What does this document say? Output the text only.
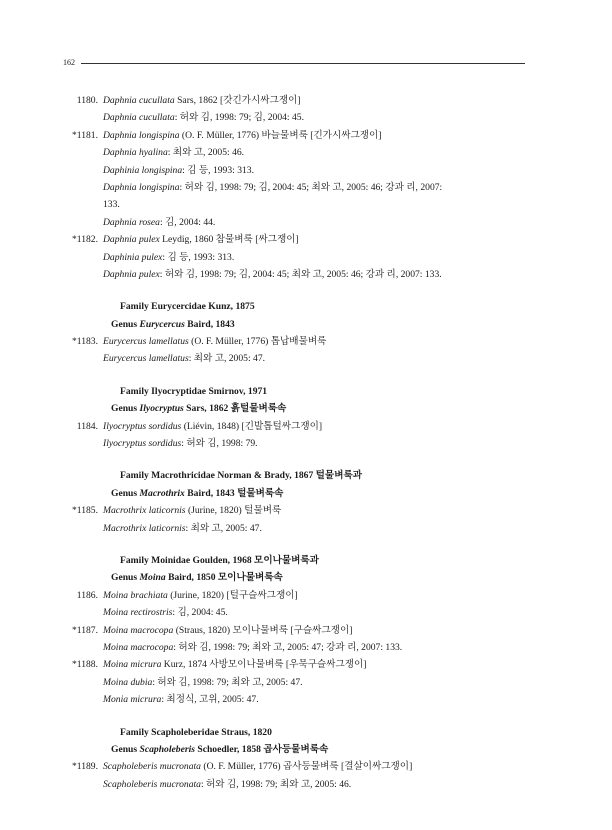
162
1180. Daphnia cucullata Sars, 1862 [갓긴가시싸그쟁이]
Daphnia cucullata: 허와 김, 1998: 79; 김, 2004: 45.
*1181. Daphnia longispina (O. F. Müller, 1776) 바늘물벼룩 [긴가시싸그쟁이]
Daphnia hyalina: 최와 고, 2005: 46.
Daphinia longispina: 김 등, 1993: 313.
Daphnia longispina: 허와 김, 1998: 79; 김, 2004: 45; 최와 고, 2005: 46; 강과 리, 2007:
133.
Daphnia rosea: 김, 2004: 44.
*1182. Daphnia pulex Leydig, 1860 참물벼룩 [싸그쟁이]
Daphinia pulex: 김 등, 1993: 313.
Daphnia pulex: 허와 김, 1998: 79; 김, 2004: 45; 최와 고, 2005: 46; 강과 리, 2007: 133.
Family Eurycercidae Kunz, 1875
Genus Eurycercus Baird, 1843
*1183. Eurycercus lamellatus (O. F. Müller, 1776) 톱납배물벼룩
Eurycercus lamellatus: 최와 고, 2005: 47.
Family Ilyocryptidae Smirnov, 1971
Genus Ilyocryptus Sars, 1862 흙털물벼룩속
1184. Ilyocryptus sordidus (Liévin, 1848) [긴발톱털싸그쟁이]
Ilyocryptus sordidus: 허와 김, 1998: 79.
Family Macrothricidae Norman & Brady, 1867 털물벼룩과
Genus Macrothrix Baird, 1843 털물벼룩속
*1185. Macrothrix laticornis (Jurine, 1820) 털물벼룩
Macrothrix laticornis: 최와 고, 2005: 47.
Family Moinidae Goulden, 1968 모이나물벼룩과
Genus Moina Baird, 1850 모이나물벼룩속
1186. Moina brachiata (Jurine, 1820) [털구슬싸그쟁이]
Moina rectirostris: 김, 2004: 45.
*1187. Moina macrocopa (Straus, 1820) 모이나물벼룩 [구슬싸그쟁이]
Moina macrocopa: 허와 김, 1998: 79; 최와 고, 2005: 47; 강과 리, 2007: 133.
*1188. Moina micrura Kurz, 1874 사방모이나물벼룩 [우묵구슬싸그쟁이]
Moina dubia: 허와 김, 1998: 79; 최와 고, 2005: 47.
Monia micrura: 최정식, 고위, 2005: 47.
Family Scapholeberidae Straus, 1820
Genus Scapholeberis Schoedler, 1858 곱사등물벼룩속
*1189. Scapholeberis mucronata (O. F. Müller, 1776) 곱사등물벼룩 [결살이싸그쟁이]
Scapholeberis mucronata: 허와 김, 1998: 79; 최와 고, 2005: 46.
